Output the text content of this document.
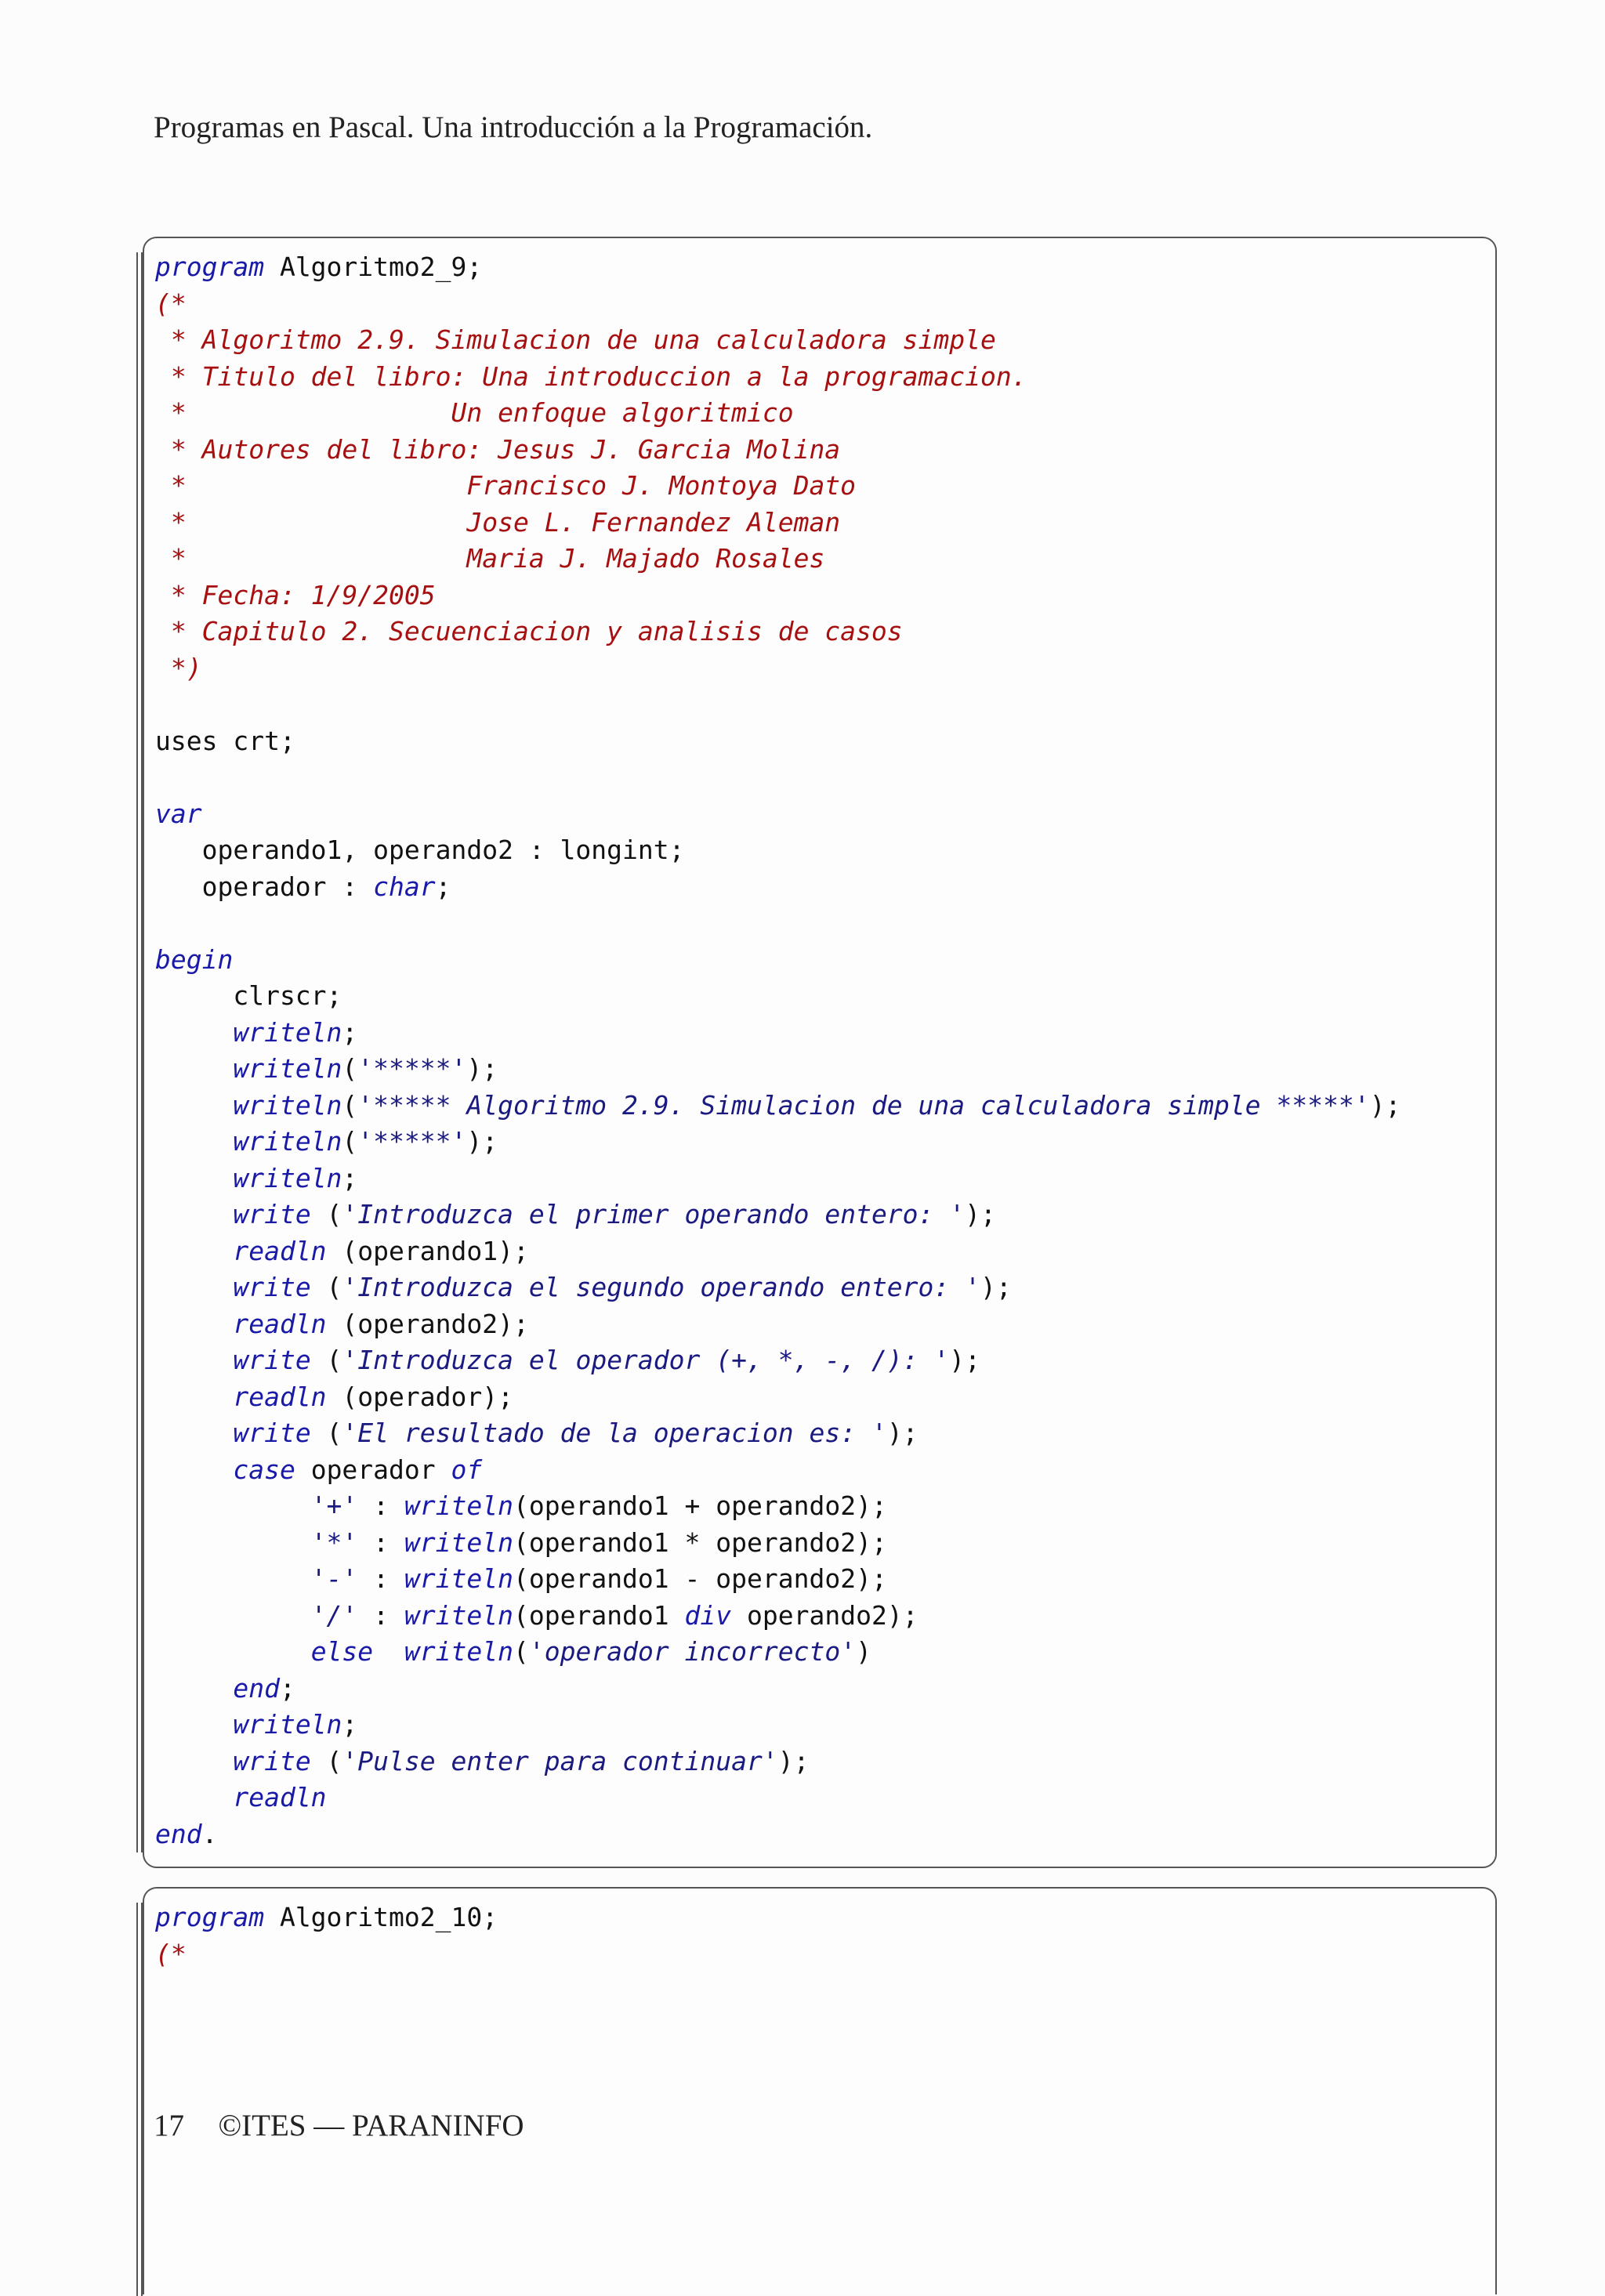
Programas en Pascal. Una introducción a la Programación.
program Algoritmo2_9;
(*
* Algoritmo 2.9. Simulacion de una calculadora simple
* Titulo del libro: Una introduccion a la programacion.
*                 Un enfoque algoritmico
* Autores del libro: Jesus J. Garcia Molina
*                  Francisco J. Montoya Dato
*                  Jose L. Fernandez Aleman
*                  Maria J. Majado Rosales
* Fecha: 1/9/2005
* Capitulo 2. Secuenciacion y analisis de casos
*)

uses crt;

var
operando1, operando2 : longint;
operador : char;

begin
clrscr;
writeln;
writeln('*****');
writeln('***** Algoritmo 2.9. Simulacion de una calculadora simple *****');
writeln('*****');
writeln;
write ('Introduzca el primer operando entero: ');
readln (operando1);
write ('Introduzca el segundo operando entero: ');
readln (operando2);
write ('Introduzca el operador (+, *, -, /): ');
readln (operador);
write ('El resultado de la operacion es: ');
case operador of
'+' : writeln(operando1 + operando2);
'*' : writeln(operando1 * operando2);
'-' : writeln(operando1 - operando2);
'/' : writeln(operando1 div operando2);
else writeln('operador incorrecto')
end;
writeln;
write ('Pulse enter para continuar');
readln
end.

program Algoritmo2_10;
(*

17 ©ITES — PARANINFO
